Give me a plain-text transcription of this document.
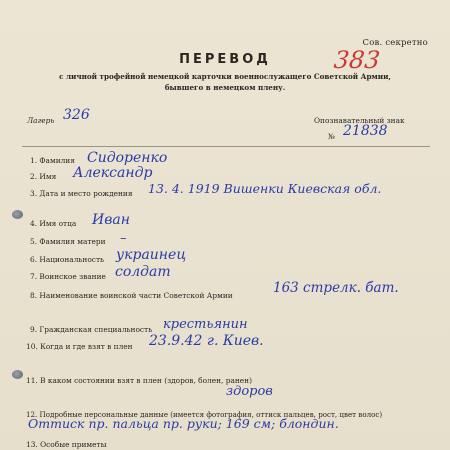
Сов. секретно
ПЕРЕВОД
с личной трофейной немецкой карточки военнослужащего Советской Армии,
бывшего в немецком плену.
383
Лагерь 326	Опознавательный знак
№ 21838
1. Фамилия Сидоренко
2. Имя Александр
3. Дата и место рождения 13. 4. 1919 Вишенки Киевская обл.
4. Имя отца Иван
5. Фамилия матери –
6. Национальность украинец
7. Воинское звание солдат
8. Наименование воинской части Советской Армии	163 стрелк. бат.
9. Гражданская специальность крестьянин
10. Когда и где взят в плен 23.9.42 г. Киев.
11. В каком состоянии взят в плен (здоров, болен, ранен)
здоров
12. Подробные персональные данные (имеется фотография, оттиск пальцев, рост, цвет волос)
Оттиск пр. пальца пр. руки; 169 см; блондин.
13. Особые приметы
